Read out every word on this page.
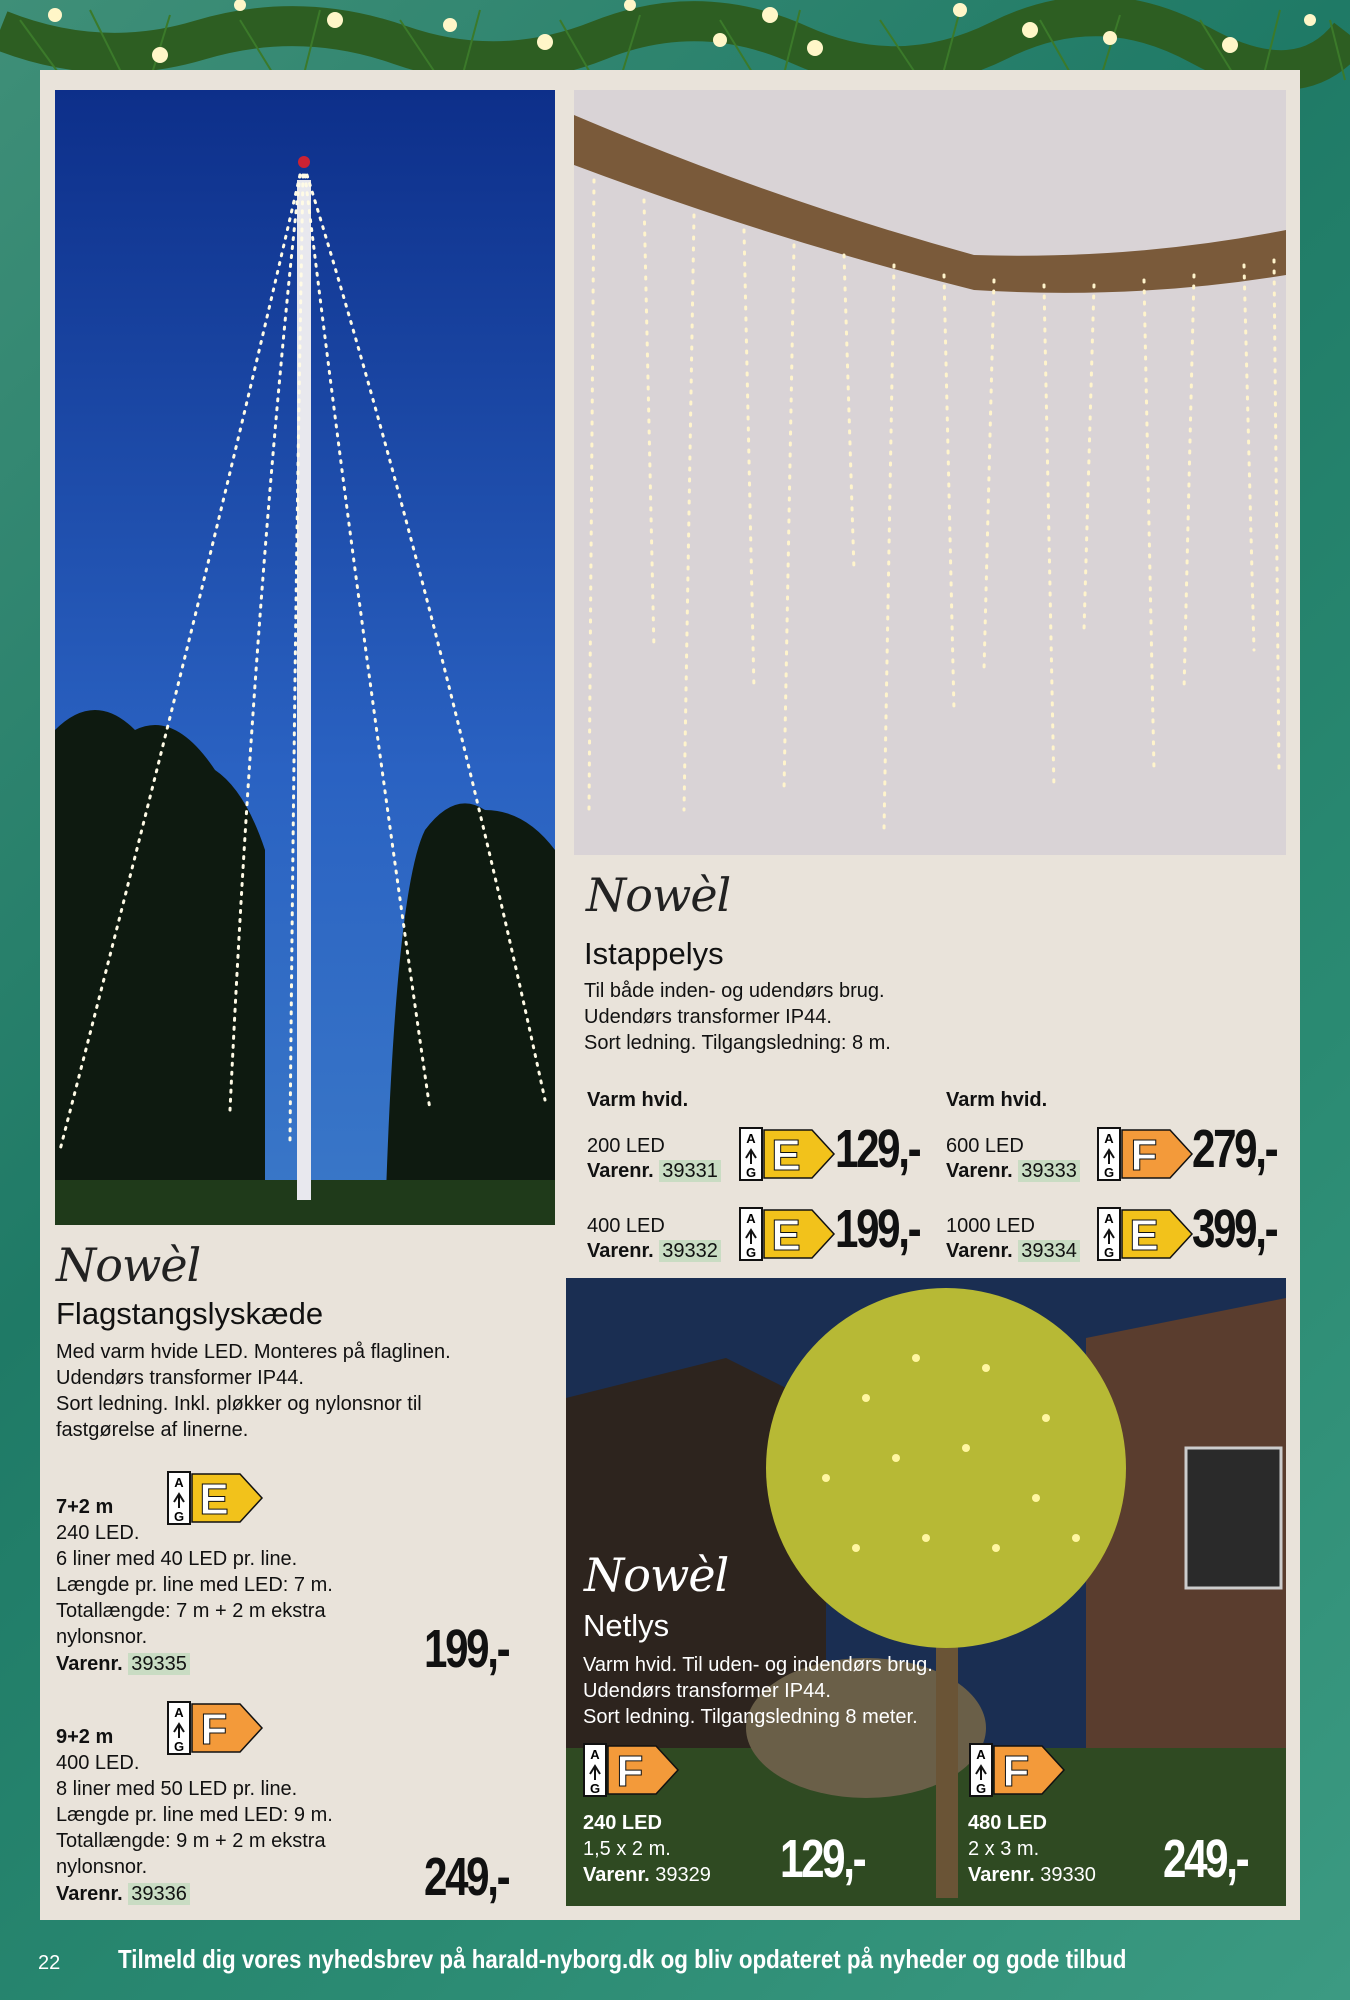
Nowèl
Istappelys
Til både inden- og udendørs brug.
Udendørs transformer IP44.
Sort ledning. Tilgangsledning: 8 m.
Varm hvid.	Varm hvid.
200 LED
Varenr. 39331
A
G E 129,-
400 LED
Varenr. 39332
A
G E 199,-
600 LED
Varenr. 39333
A
G F 279,-
1000 LED
Varenr. 39334
A
G E 399,-
Nowèl
Flagstangslyskæde
Med varm hvide LED. Monteres på flaglinen.
Udendørs transformer IP44.
Sort ledning. Inkl. pløkker og nylonsnor til
fastgørelse af linerne.
7+2 m
A
G E
240 LED.
6 liner med 40 LED pr. line.
Længde pr. line med LED: 7 m.
Totallængde: 7 m + 2 m ekstra
nylonsnor.
Varenr. 39335	199,-
9+2 m
A
G F
400 LED.
8 liner med 50 LED pr. line.
Længde pr. line med LED: 9 m.
Totallængde: 9 m + 2 m ekstra
nylonsnor.
Varenr. 39336	249,-
Nowèl
Netlys
Varm hvid. Til uden- og indendørs brug.
Udendørs transformer IP44.
Sort ledning. Tilgangsledning 8 meter.
A
G F
240 LED
1,5 x 2 m.
Varenr. 39329 129,-
A
G F
480 LED
2 x 3 m.
Varenr. 39330 249,-
22 Tilmeld dig vores nyhedsbrev på harald-nyborg.dk og bliv opdateret på nyheder og gode tilbud
